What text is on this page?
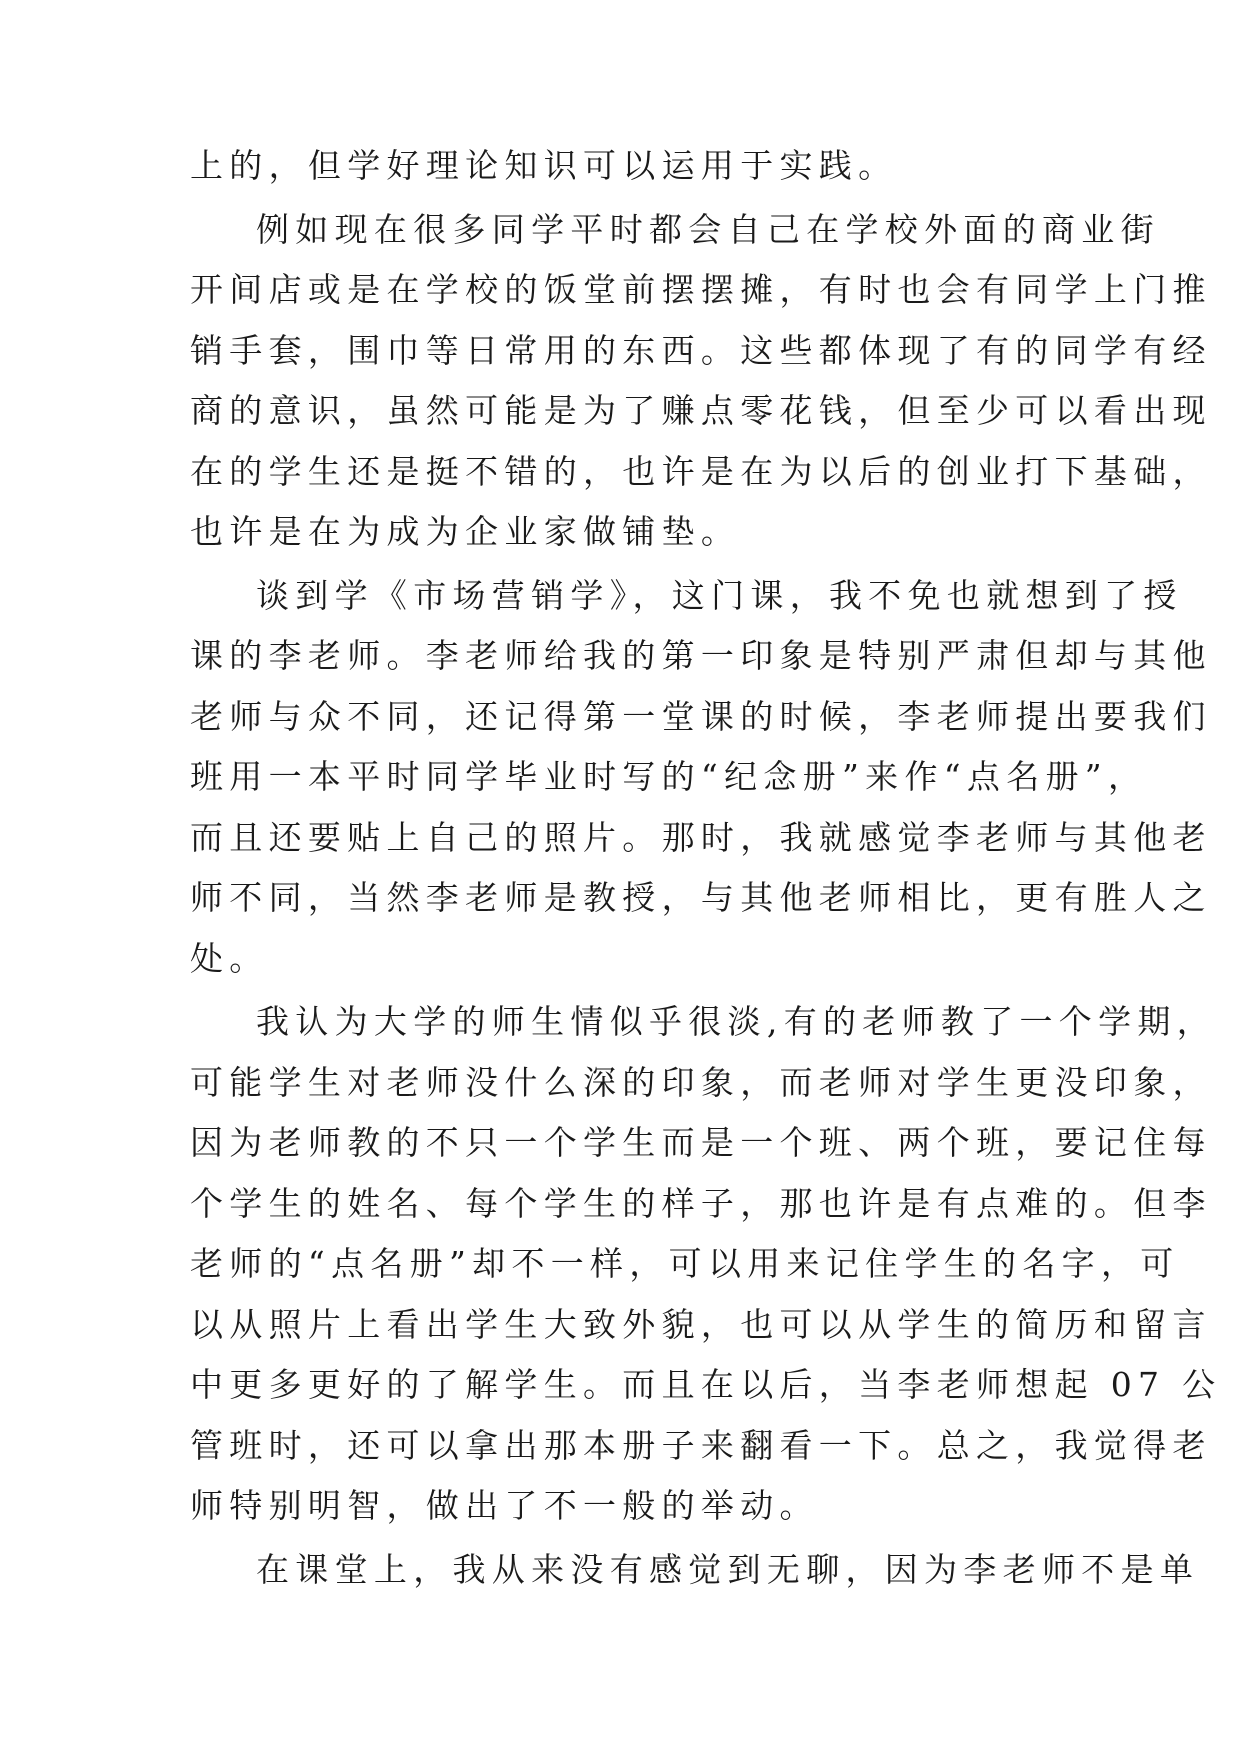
上的，但学好理论知识可以运用于实践。
例如现在很多同学平时都会自己在学校外面的商业街
开间店或是在学校的饭堂前摆摆摊，有时也会有同学上门推
销手套，围巾等日常用的东西。这些都体现了有的同学有经
商的意识，虽然可能是为了赚点零花钱，但至少可以看出现
在的学生还是挺不错的，也许是在为以后的创业打下基础，
也许是在为成为企业家做铺垫。
谈到学《市场营销学》，这门课，我不免也就想到了授
课的李老师。李老师给我的第一印象是特别严肃但却与其他
老师与众不同，还记得第一堂课的时候，李老师提出要我们
班用一本平时同学毕业时写的“纪念册”来作“点名册”，
而且还要贴上自己的照片。那时，我就感觉李老师与其他老
师不同，当然李老师是教授，与其他老师相比，更有胜人之
处。
我认为大学的师生情似乎很淡,有的老师教了一个学期，
可能学生对老师没什么深的印象，而老师对学生更没印象，
因为老师教的不只一个学生而是一个班、两个班，要记住每
个学生的姓名、每个学生的样子，那也许是有点难的。但李
老师的“点名册”却不一样，可以用来记住学生的名字，可
以从照片上看出学生大致外貌，也可以从学生的简历和留言
中更多更好的了解学生。而且在以后，当李老师想起 07 公
管班时，还可以拿出那本册子来翻看一下。总之，我觉得老
师特别明智，做出了不一般的举动。
在课堂上，我从来没有感觉到无聊，因为李老师不是单
